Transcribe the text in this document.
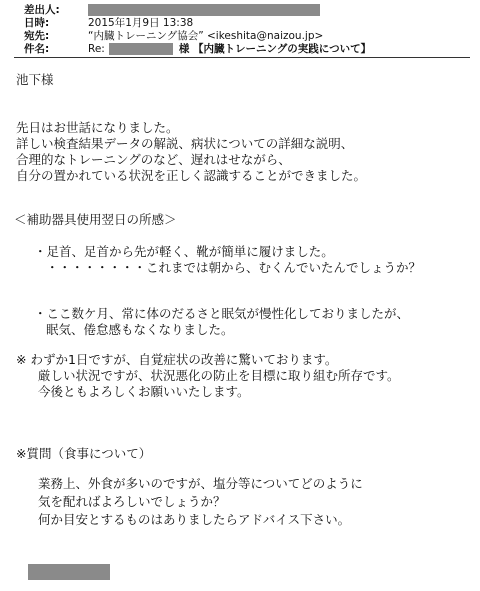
差出人:
日時:	2015年1月9日 13:38
宛先:	“内臓トレーニング協会” <ikeshita@naizou.jp>
件名:	Re:	様 【内臓トレーニングの実践について】
池下様
先日はお世話になりました。
詳しい検査結果データの解説、病状についての詳細な説明、
合理的なトレーニングのなど、遅れはせながら、
自分の置かれている状況を正しく認識することができました。
＜補助器具使用翌日の所感＞
・足首、足首から先が軽く、靴が簡単に履けました。
・・・・・・・・これまでは朝から、むくんでいたんでしょうか？
・ここ数ケ月、常に体のだるさと眠気が慢性化しておりましたが、
眠気、倦怠感もなくなりました。
※ わずか1日ですが、自覚症状の改善に驚いております。
厳しい状況ですが、状況悪化の防止を目標に取り組む所存です。
今後ともよろしくお願いいたします。
※質問（食事について）
業務上、外食が多いのですが、塩分等についてどのように
気を配ればよろしいでしょうか？
何か目安とするものはありましたらアドバイス下さい。
